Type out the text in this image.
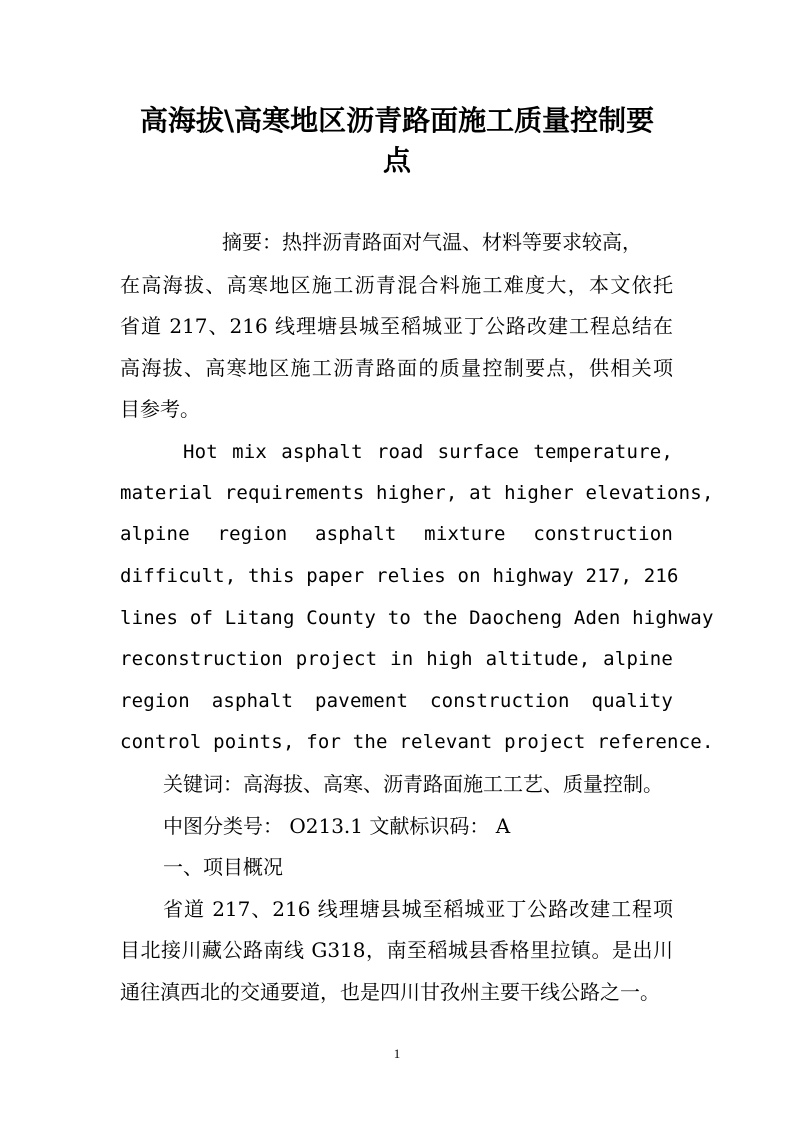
高海拔\高寒地区沥青路面施工质量控制要
点

摘要：热拌沥青路面对气温、材料等要求较高，

在高海拔、高寒地区施工沥青混合料施工难度大，本文依托

省道 217、216 线理塘县城至稻城亚丁公路改建工程总结在

高海拔、高寒地区施工沥青路面的质量控制要点，供相关项

目参考。

Hot mix asphalt road surface temperature,

material requirements higher, at higher elevations,

alpine region asphalt mixture construction

difficult, this paper relies on highway 217, 216

lines of Litang County to the Daocheng Aden highway

reconstruction project in high altitude, alpine

region asphalt pavement construction quality

control points, for the relevant project reference.

关键词：高海拔、高寒、沥青路面施工工艺、质量控制。

中图分类号： O213.1 文献标识码： A

一、项目概况

省道 217、216 线理塘县城至稻城亚丁公路改建工程项

目北接川藏公路南线 G318，南至稻城县香格里拉镇。是出川

通往滇西北的交通要道，也是四川甘孜州主要干线公路之一。

1
